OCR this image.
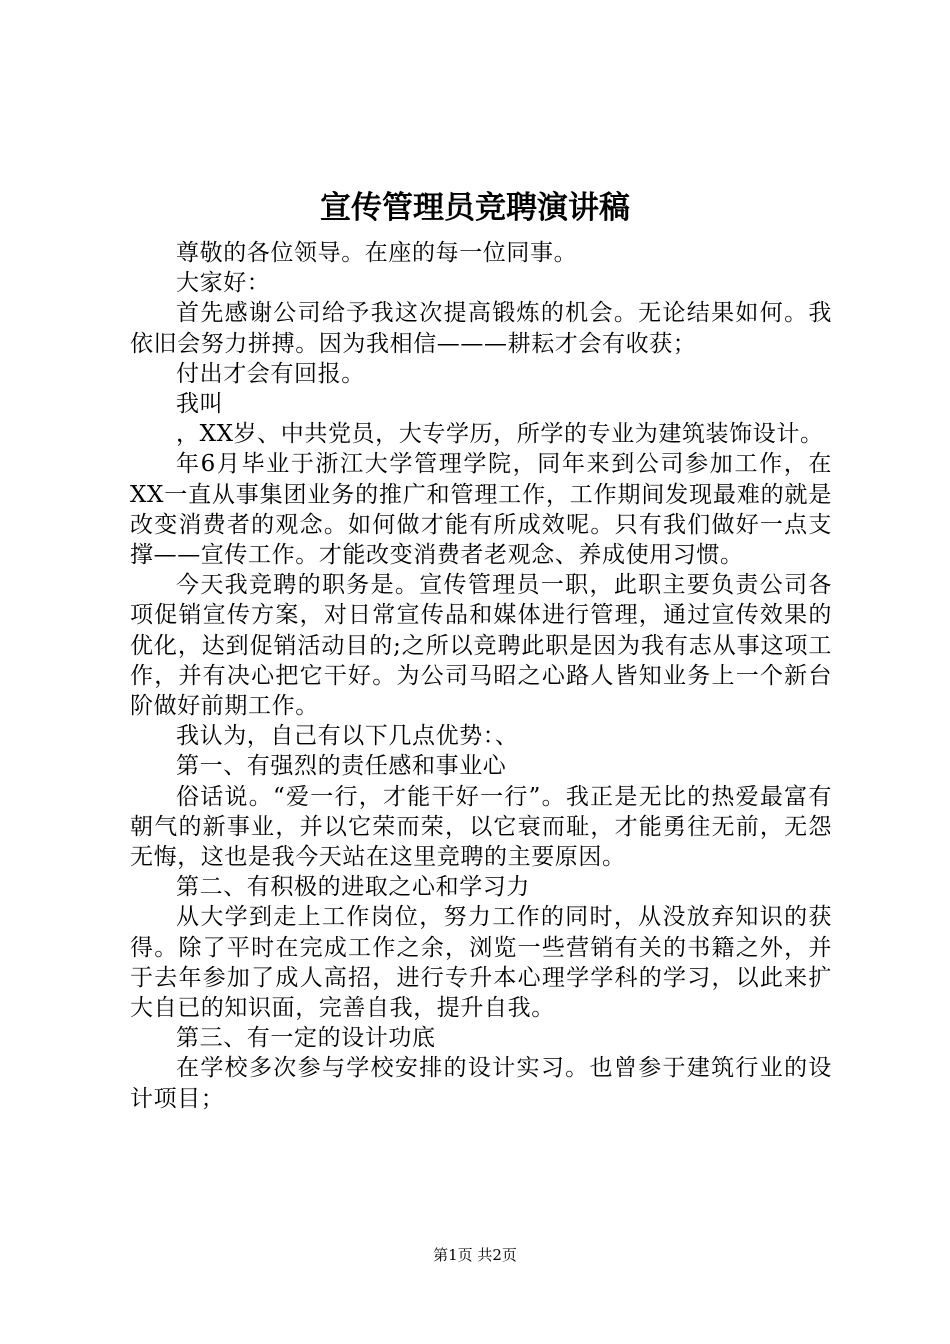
宣传管理员竞聘演讲稿

尊敬的各位领导。在座的每一位同事。

大家好：

首先感谢公司给予我这次提高锻炼的机会。无论结果如何。我依旧会努力拼搏。因为我相信———耕耘才会有收获；

付出才会有回报。

我叫

，XX岁、中共党员，大专学历，所学的专业为建筑装饰设计。

年6月毕业于浙江大学管理学院，同年来到公司参加工作，在XX一直从事集团业务的推广和管理工作，工作期间发现最难的就是改变消费者的观念。如何做才能有所成效呢。只有我们做好一点支撑——宣传工作。才能改变消费者老观念、养成使用习惯。

今天我竞聘的职务是。宣传管理员一职，此职主要负责公司各项促销宣传方案，对日常宣传品和媒体进行管理，通过宣传效果的优化，达到促销活动目的;之所以竞聘此职是因为我有志从事这项工作，并有决心把它干好。为公司马昭之心路人皆知业务上一个新台阶做好前期工作。

我认为，自己有以下几点优势：、

第一、有强烈的责任感和事业心

俗话说。“爱一行，才能干好一行”。我正是无比的热爱最富有朝气的新事业，并以它荣而荣，以它衰而耻，才能勇往无前，无怨无悔，这也是我今天站在这里竞聘的主要原因。

第二、有积极的进取之心和学习力

从大学到走上工作岗位，努力工作的同时，从没放弃知识的获得。除了平时在完成工作之余，浏览一些营销有关的书籍之外，并于去年参加了成人高招，进行专升本心理学学科的学习，以此来扩大自已的知识面，完善自我，提升自我。

第三、有一定的设计功底

在学校多次参与学校安排的设计实习。也曾参于建筑行业的设计项目；

第1页 共2页
